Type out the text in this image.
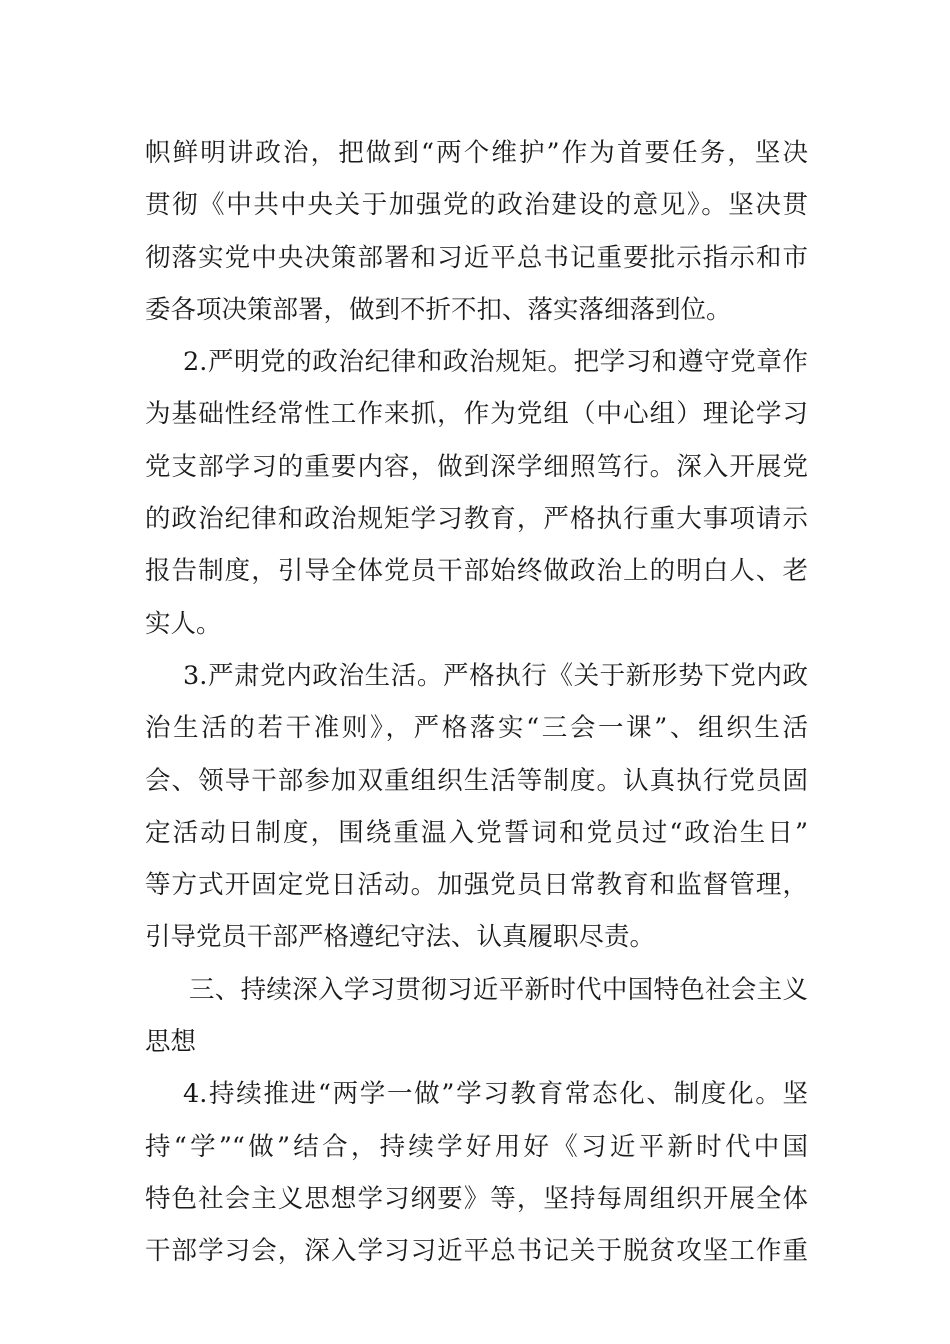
帜鲜明讲政治，把做到“两个维护”作为首要任务，坚决
贯彻《中共中央关于加强党的政治建设的意见》。坚决贯
彻落实党中央决策部署和习近平总书记重要批示指示和市
委各项决策部署，做到不折不扣、落实落细落到位。
2.严明党的政治纪律和政治规矩。把学习和遵守党章作
为基础性经常性工作来抓，作为党组（中心组）理论学习
党支部学习的重要内容，做到深学细照笃行。深入开展党
的政治纪律和政治规矩学习教育，严格执行重大事项请示
报告制度，引导全体党员干部始终做政治上的明白人、老
实人。
3.严肃党内政治生活。严格执行《关于新形势下党内政
治生活的若干准则》，严格落实“三会一课”、组织生活
会、领导干部参加双重组织生活等制度。认真执行党员固
定活动日制度，围绕重温入党誓词和党员过“政治生日”
等方式开固定党日活动。加强党员日常教育和监督管理，
引导党员干部严格遵纪守法、认真履职尽责。
三、持续深入学习贯彻习近平新时代中国特色社会主义
思想
4.持续推进“两学一做”学习教育常态化、制度化。坚
持“学”“做”结合，持续学好用好《习近平新时代中国
特色社会主义思想学习纲要》等，坚持每周组织开展全体
干部学习会，深入学习习近平总书记关于脱贫攻坚工作重
